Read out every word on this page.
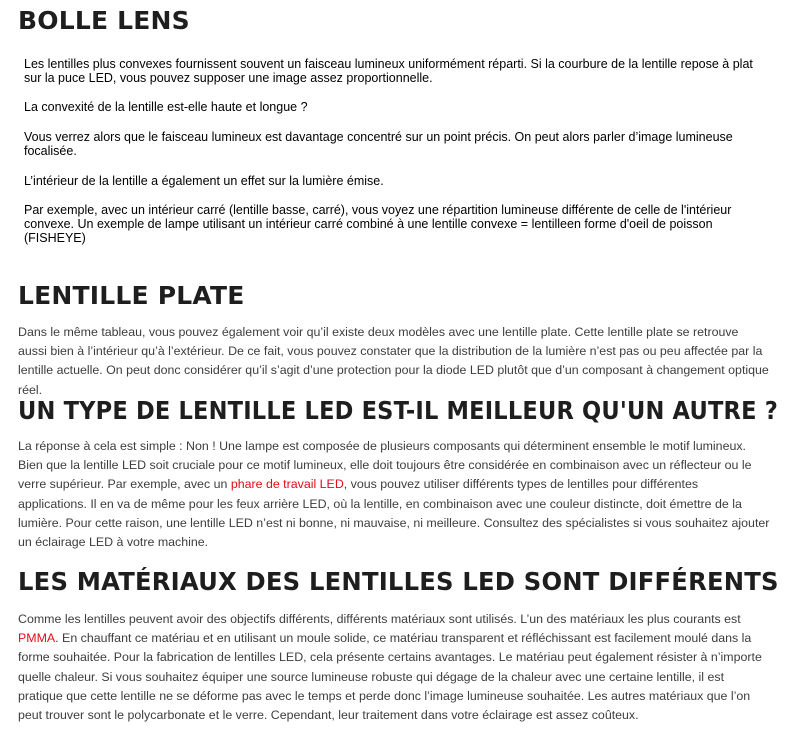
BOLLE LENS

Les lentilles plus convexes fournissent souvent un faisceau lumineux uniformément réparti. Si la courbure de la lentille repose à plat sur la puce LED, vous pouvez supposer une image assez proportionnelle.

La convexité de la lentille est-elle haute et longue ?

Vous verrez alors que le faisceau lumineux est davantage concentré sur un point précis. On peut alors parler d’image lumineuse focalisée.

L’intérieur de la lentille a également un effet sur la lumière émise.

Par exemple, avec un intérieur carré (lentille basse, carré), vous voyez une répartition lumineuse différente de celle de l'intérieur convexe. Un exemple de lampe utilisant un intérieur carré combiné à une lentille convexe = lentilleen forme d'oeil de poisson (FISHEYE)

LENTILLE PLATE

Dans le même tableau, vous pouvez également voir qu’il existe deux modèles avec une lentille plate. Cette lentille plate se retrouve aussi bien à l’intérieur qu’à l’extérieur. De ce fait, vous pouvez constater que la distribution de la lumière n’est pas ou peu affectée par la lentille actuelle. On peut donc considérer qu’il s’agit d’une protection pour la diode LED plutôt que d’un composant à changement optique réel.

UN TYPE DE LENTILLE LED EST-IL MEILLEUR QU'UN AUTRE ?

La réponse à cela est simple : Non ! Une lampe est composée de plusieurs composants qui déterminent ensemble le motif lumineux. Bien que la lentille LED soit cruciale pour ce motif lumineux, elle doit toujours être considérée en combinaison avec un réflecteur ou le verre supérieur. Par exemple, avec un phare de travail LED, vous pouvez utiliser différents types de lentilles pour différentes applications. Il en va de même pour les feux arrière LED, où la lentille, en combinaison avec une couleur distincte, doit émettre de la lumière. Pour cette raison, une lentille LED n’est ni bonne, ni mauvaise, ni meilleure. Consultez des spécialistes si vous souhaitez ajouter un éclairage LED à votre machine.

LES MATÉRIAUX DES LENTILLES LED SONT DIFFÉRENTS

Comme les lentilles peuvent avoir des objectifs différents, différents matériaux sont utilisés. L’un des matériaux les plus courants est PMMA. En chauffant ce matériau et en utilisant un moule solide, ce matériau transparent et réfléchissant est facilement moulé dans la forme souhaitée. Pour la fabrication de lentilles LED, cela présente certains avantages. Le matériau peut également résister à n’importe quelle chaleur. Si vous souhaitez équiper une source lumineuse robuste qui dégage de la chaleur avec une certaine lentille, il est pratique que cette lentille ne se déforme pas avec le temps et perde donc l’image lumineuse souhaitée. Les autres matériaux que l’on peut trouver sont le polycarbonate et le verre. Cependant, leur traitement dans votre éclairage est assez coûteux.
